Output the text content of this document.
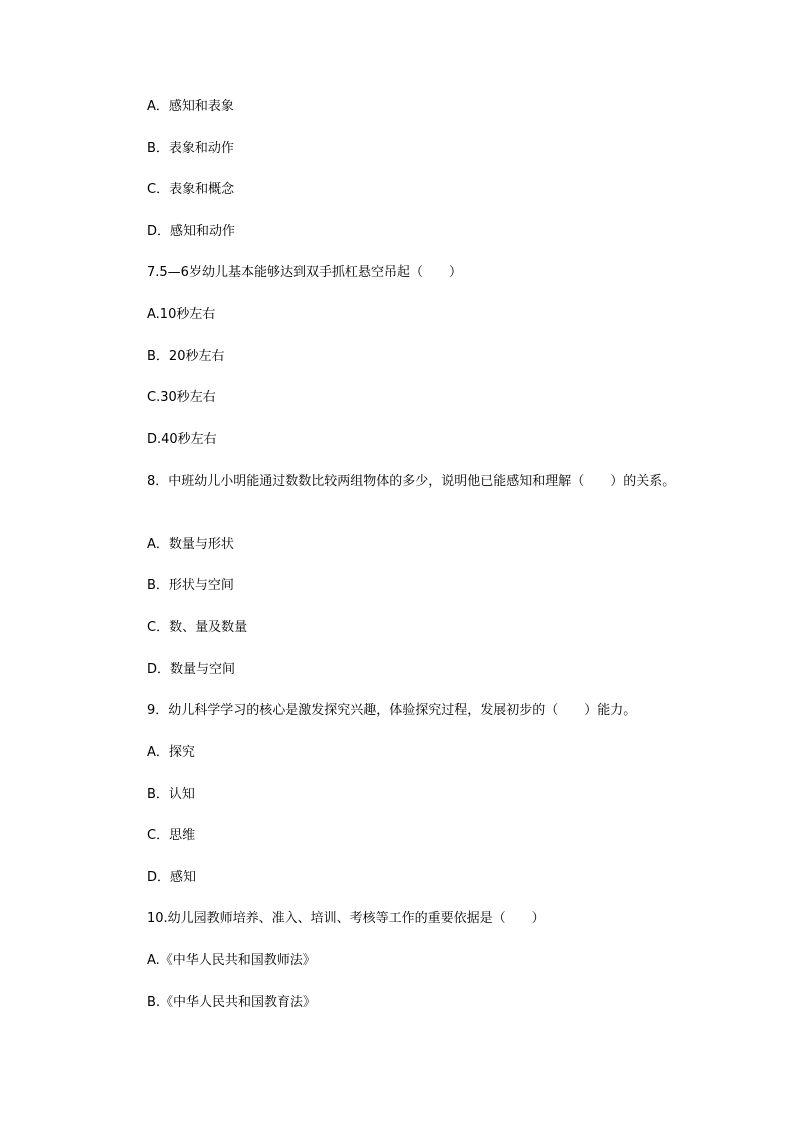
A．感知和表象
B．表象和动作
C．表象和概念
D．感知和动作
7.5—6岁幼儿基本能够达到双手抓杠悬空吊起（　　）
A.10秒左右
B．20秒左右
C.30秒左右
D.40秒左右
8．中班幼儿小明能通过数数比较两组物体的多少，说明他已能感知和理解（　　）的关系。
A．数量与形状
B．形状与空间
C．数、量及数量
D．数量与空间
9．幼儿科学学习的核心是激发探究兴趣，体验探究过程，发展初步的（　　）能力。
A．探究
B．认知
C．思维
D．感知
10.幼儿园教师培养、准入、培训、考核等工作的重要依据是（　　）
A.《中华人民共和国教师法》
B.《中华人民共和国教育法》
